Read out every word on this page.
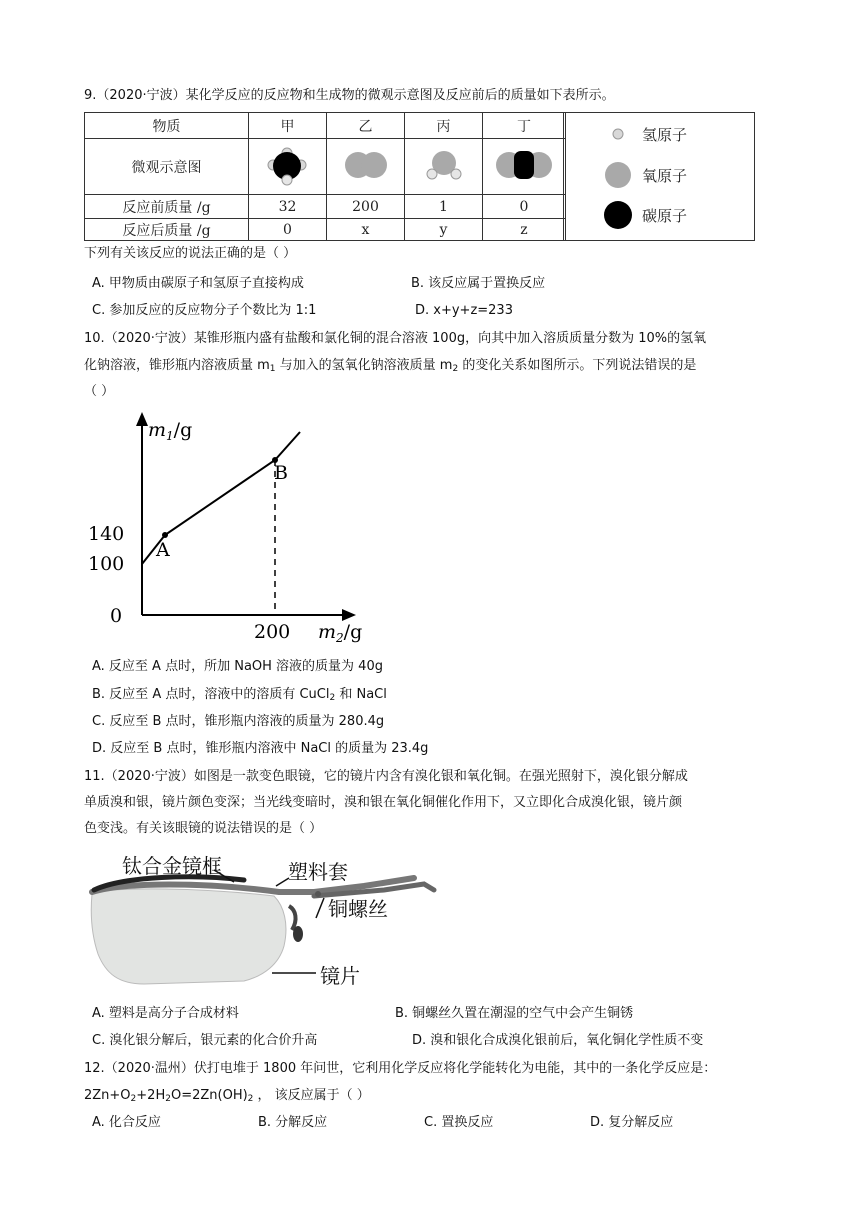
9.（2020·宁波）某化学反应的反应物和生成物的微观示意图及反应前后的质量如下表所示。
物质	甲	乙	丙	丁
微观示意图				
反应前质量 /g	32	200	1	0
反应后质量 /g	0	x	y	z
氢原子
氧原子
碳原子
下列有关该反应的说法正确的是（ ）
A. 甲物质由碳原子和氢原子直接构成	B. 该反应属于置换反应
C. 参加反应的反应物分子个数比为 1:1	D. x+y+z=233
10.（2020·宁波）某锥形瓶内盛有盐酸和氯化铜的混合溶液 100g，向其中加入溶质质量分数为 10%的氢氧
化钠溶液，锥形瓶内溶液质量 $m_1$ 与加入的氢氧化钠溶液质量 $m_2$ 的变化关系如图所示。下列说法错误的是
（ ）
$m_1/g$
140
100
0
200 $m_2/g$
A
B
A. 反应至 A 点时，所加 NaOH 溶液的质量为 40g
B. 反应至 A 点时，溶液中的溶质有 CuCl$_2$ 和 NaCl
C. 反应至 B 点时，锥形瓶内溶液的质量为 280.4g
D. 反应至 B 点时，锥形瓶内溶液中 NaCl 的质量为 23.4g
11.（2020·宁波）如图是一款变色眼镜，它的镜片内含有溴化银和氧化铜。在强光照射下，溴化银分解成
单质溴和银，镜片颜色变深；当光线变暗时，溴和银在氧化铜催化作用下，又立即化合成溴化银，镜片颜
色变浅。有关该眼镜的说法错误的是（ ）
钛合金镜框	塑料套
铜螺丝
镜片
A. 塑料是高分子合成材料	B. 铜螺丝久置在潮湿的空气中会产生铜锈
C. 溴化银分解后，银元素的化合价升高	D. 溴和银化合成溴化银前后，氧化铜化学性质不变
12.（2020·温州）伏打电堆于 1800 年问世，它利用化学反应将化学能转化为电能，其中的一条化学反应是：
$2Zn+O_2+2H_2O=2Zn(OH)_2$ ， 该反应属于（ ）
A. 化合反应	B. 分解反应	C. 置换反应	D. 复分解反应
